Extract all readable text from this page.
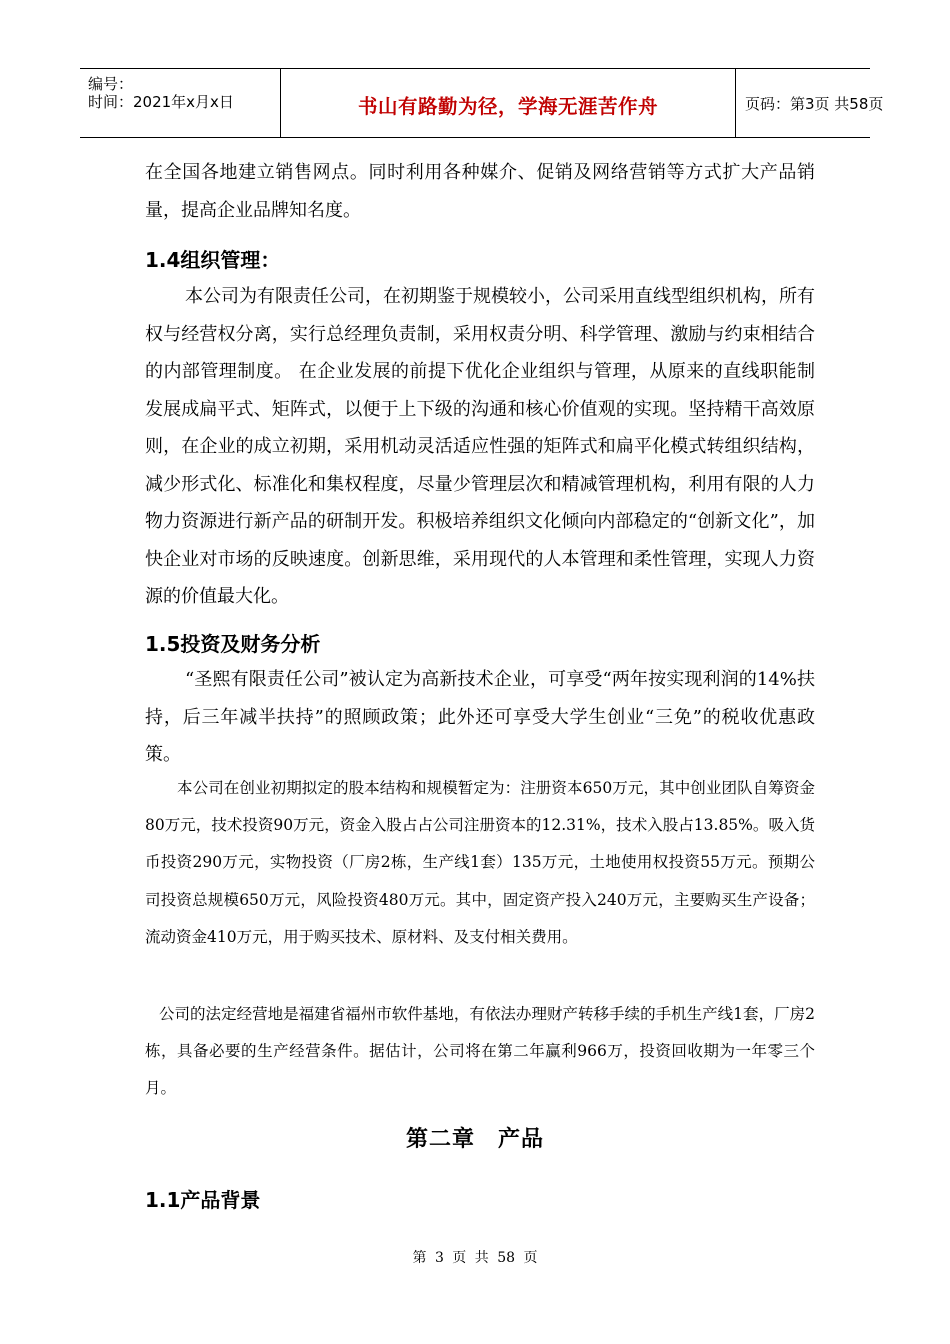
编号：
时间：2021年x月x日	书山有路勤为径，学海无涯苦作舟	页码：第3页 共58页

在全国各地建立销售网点。同时利用各种媒介、促销及网络营销等方式扩大产品销量，提高企业品牌知名度。

1.4组织管理：

本公司为有限责任公司，在初期鉴于规模较小，公司采用直线型组织机构，所有权与经营权分离，实行总经理负责制，采用权责分明、科学管理、激励与约束相结合的内部管理制度。 在企业发展的前提下优化企业组织与管理，从原来的直线职能制发展成扁平式、矩阵式，以便于上下级的沟通和核心价值观的实现。坚持精干高效原则，在企业的成立初期，采用机动灵活适应性强的矩阵式和扁平化模式转组织结构，减少形式化、标准化和集权程度，尽量少管理层次和精减管理机构，利用有限的人力物力资源进行新产品的研制开发。积极培养组织文化倾向内部稳定的“创新文化”，加快企业对市场的反映速度。创新思维，采用现代的人本管理和柔性管理，实现人力资源的价值最大化。

1.5投资及财务分析

“圣熙有限责任公司”被认定为高新技术企业，可享受“两年按实现利润的14%扶持，后三年减半扶持”的照顾政策；此外还可享受大学生创业“三免”的税收优惠政策。

本公司在创业初期拟定的股本结构和规模暂定为：注册资本650万元，其中创业团队自筹资金80万元，技术投资90万元，资金入股占占公司注册资本的12.31%，技术入股占13.85%。吸入货币投资290万元，实物投资（厂房2栋，生产线1套）135万元，土地使用权投资55万元。预期公司投资总规模650万元，风险投资480万元。其中，固定资产投入240万元，主要购买生产设备；流动资金410万元，用于购买技术、原材料、及支付相关费用。

公司的法定经营地是福建省福州市软件基地，有依法办理财产转移手续的手机生产线1套，厂房2栋，具备必要的生产经营条件。据估计，公司将在第二年赢利966万，投资回收期为一年零三个月。

第二章　产品
1.1产品背景
第 3 页 共 58 页
